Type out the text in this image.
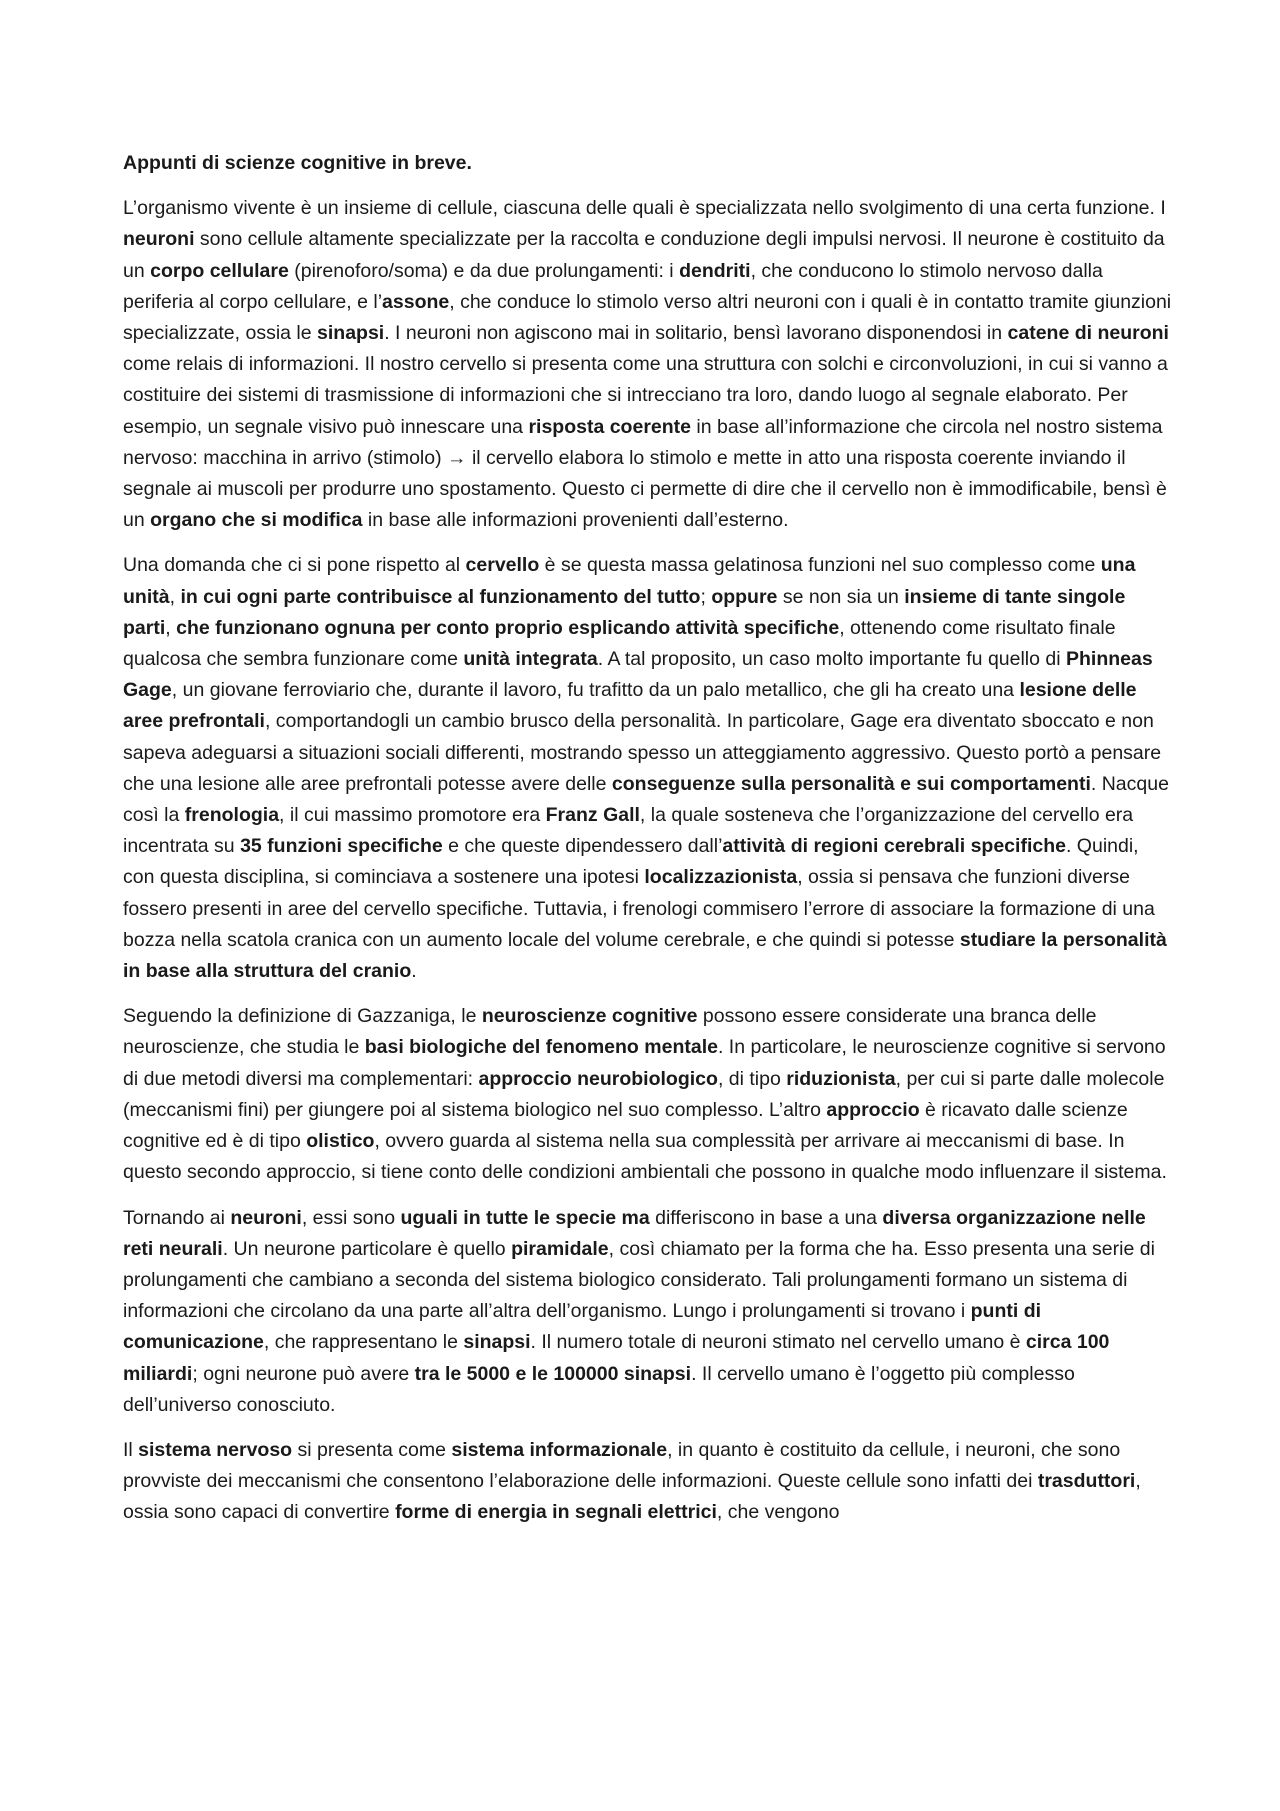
Appunti di scienze cognitive in breve.

L’organismo vivente è un insieme di cellule, ciascuna delle quali è specializzata nello svolgimento di una certa funzione. I neuroni sono cellule altamente specializzate per la raccolta e conduzione degli impulsi nervosi. Il neurone è costituito da un corpo cellulare (pirenoforo/soma) e da due prolungamenti: i dendriti, che conducono lo stimolo nervoso dalla periferia al corpo cellulare, e l’assone, che conduce lo stimolo verso altri neuroni con i quali è in contatto tramite giunzioni specializzate, ossia le sinapsi. I neuroni non agiscono mai in solitario, bensì lavorano disponendosi in catene di neuroni come relais di informazioni. Il nostro cervello si presenta come una struttura con solchi e circonvoluzioni, in cui si vanno a costituire dei sistemi di trasmissione di informazioni che si intrecciano tra loro, dando luogo al segnale elaborato. Per esempio, un segnale visivo può innescare una risposta coerente in base all’informazione che circola nel nostro sistema nervoso: macchina in arrivo (stimolo) → il cervello elabora lo stimolo e mette in atto una risposta coerente inviando il segnale ai muscoli per produrre uno spostamento. Questo ci permette di dire che il cervello non è immodificabile, bensì è un organo che si modifica in base alle informazioni provenienti dall’esterno.

Una domanda che ci si pone rispetto al cervello è se questa massa gelatinosa funzioni nel suo complesso come una unità, in cui ogni parte contribuisce al funzionamento del tutto; oppure se non sia un insieme di tante singole parti, che funzionano ognuna per conto proprio esplicando attività specifiche, ottenendo come risultato finale qualcosa che sembra funzionare come unità integrata. A tal proposito, un caso molto importante fu quello di Phinneas Gage, un giovane ferroviario che, durante il lavoro, fu trafitto da un palo metallico, che gli ha creato una lesione delle aree prefrontali, comportandogli un cambio brusco della personalità. In particolare, Gage era diventato sboccato e non sapeva adeguarsi a situazioni sociali differenti, mostrando spesso un atteggiamento aggressivo. Questo portò a pensare che una lesione alle aree prefrontali potesse avere delle conseguenze sulla personalità e sui comportamenti. Nacque così la frenologia, il cui massimo promotore era Franz Gall, la quale sosteneva che l’organizzazione del cervello era incentrata su 35 funzioni specifiche e che queste dipendessero dall’attività di regioni cerebrali specifiche. Quindi, con questa disciplina, si cominciava a sostenere una ipotesi localizzazionista, ossia si pensava che funzioni diverse fossero presenti in aree del cervello specifiche. Tuttavia, i frenologi commisero l’errore di associare la formazione di una bozza nella scatola cranica con un aumento locale del volume cerebrale, e che quindi si potesse studiare la personalità in base alla struttura del cranio.

Seguendo la definizione di Gazzaniga, le neuroscienze cognitive possono essere considerate una branca delle neuroscienze, che studia le basi biologiche del fenomeno mentale. In particolare, le neuroscienze cognitive si servono di due metodi diversi ma complementari: approccio neurobiologico, di tipo riduzionista, per cui si parte dalle molecole (meccanismi fini) per giungere poi al sistema biologico nel suo complesso. L’altro approccio è ricavato dalle scienze cognitive ed è di tipo olistico, ovvero guarda al sistema nella sua complessità per arrivare ai meccanismi di base. In questo secondo approccio, si tiene conto delle condizioni ambientali che possono in qualche modo influenzare il sistema.

Tornando ai neuroni, essi sono uguali in tutte le specie ma differiscono in base a una diversa organizzazione nelle reti neurali. Un neurone particolare è quello piramidale, così chiamato per la forma che ha. Esso presenta una serie di prolungamenti che cambiano a seconda del sistema biologico considerato. Tali prolungamenti formano un sistema di informazioni che circolano da una parte all’altra dell’organismo. Lungo i prolungamenti si trovano i punti di comunicazione, che rappresentano le sinapsi. Il numero totale di neuroni stimato nel cervello umano è circa 100 miliardi; ogni neurone può avere tra le 5000 e le 100000 sinapsi. Il cervello umano è l’oggetto più complesso dell’universo conosciuto.

Il sistema nervoso si presenta come sistema informazionale, in quanto è costituito da cellule, i neuroni, che sono provviste dei meccanismi che consentono l’elaborazione delle informazioni. Queste cellule sono infatti dei trasduttori, ossia sono capaci di convertire forme di energia in segnali elettrici, che vengono
